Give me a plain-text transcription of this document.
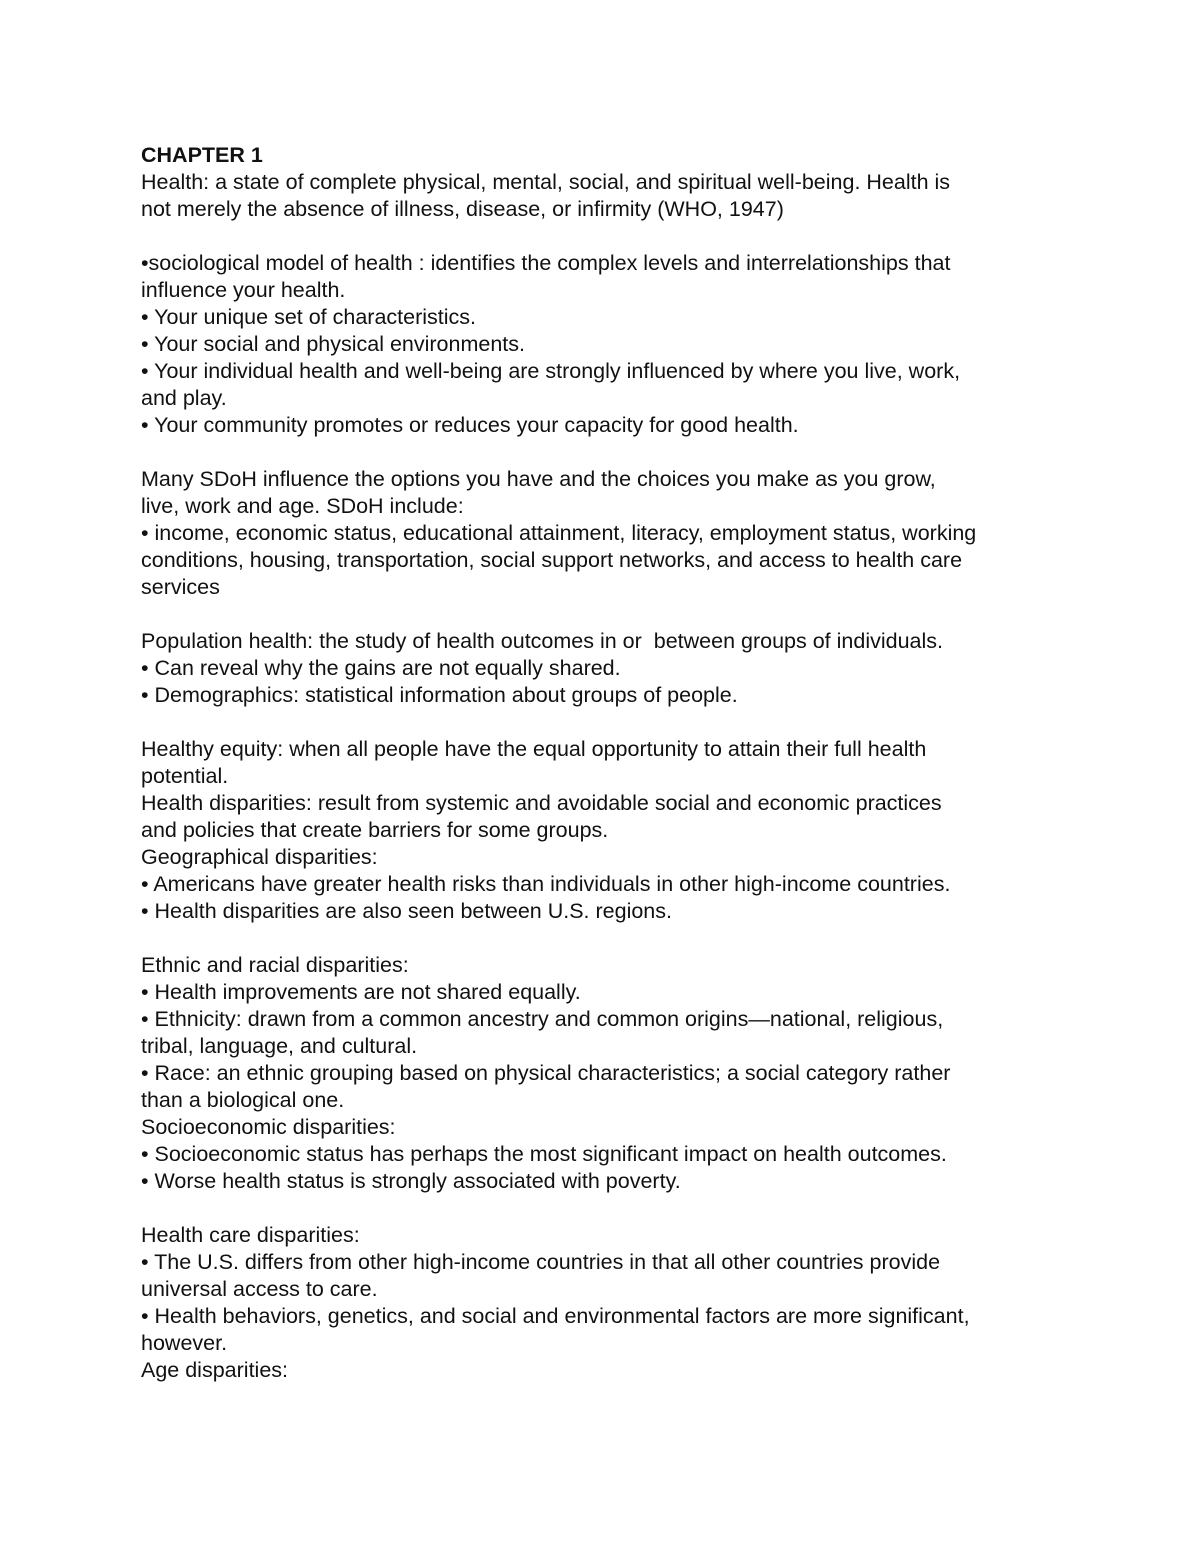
CHAPTER 1
Health: a state of complete physical, mental, social, and spiritual well-being. Health is
not merely the absence of illness, disease, or infirmity (WHO, 1947)
•sociological model of health : identifies the complex levels and interrelationships that
influence your health.
• Your unique set of characteristics.
• Your social and physical environments.
• Your individual health and well-being are strongly influenced by where you live, work,
and play.
• Your community promotes or reduces your capacity for good health.
Many SDoH influence the options you have and the choices you make as you grow,
live, work and age. SDoH include:
• income, economic status, educational attainment, literacy, employment status, working
conditions, housing, transportation, social support networks, and access to health care
services
Population health: the study of health outcomes in or  between groups of individuals.
• Can reveal why the gains are not equally shared.
• Demographics: statistical information about groups of people.
Healthy equity: when all people have the equal opportunity to attain their full health
potential.
Health disparities: result from systemic and avoidable social and economic practices
and policies that create barriers for some groups.
Geographical disparities:
• Americans have greater health risks than individuals in other high-income countries.
• Health disparities are also seen between U.S. regions.
Ethnic and racial disparities:
• Health improvements are not shared equally.
• Ethnicity: drawn from a common ancestry and common origins—national, religious,
tribal, language, and cultural.
• Race: an ethnic grouping based on physical characteristics; a social category rather
than a biological one.
Socioeconomic disparities:
• Socioeconomic status has perhaps the most significant impact on health outcomes.
• Worse health status is strongly associated with poverty.
Health care disparities:
• The U.S. differs from other high-income countries in that all other countries provide
universal access to care.
• Health behaviors, genetics, and social and environmental factors are more significant,
however.
Age disparities:
